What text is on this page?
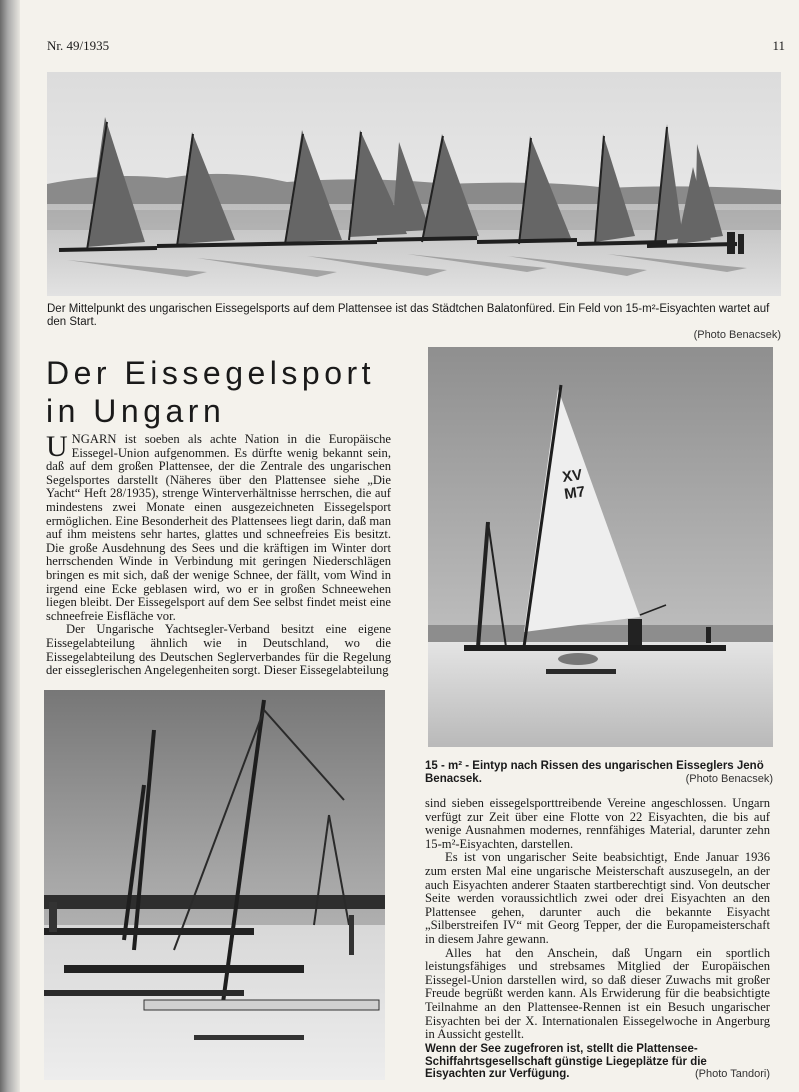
Nr. 49/1935	11
Der Mittelpunkt des ungarischen Eissegelsports auf dem Plattensee ist das Städtchen Balatonfüred. Ein Feld von 15-m²-Eisyachten wartet auf den Start.
(Photo Benacsek)
Der Eissegelsport
in Ungarn

UNGARN ist soeben als achte Nation in die Europäische Eissegel-Union aufgenommen. Es dürfte wenig bekannt sein, daß auf dem großen Plattensee, der die Zentrale des ungarischen Segelsportes darstellt (Näheres über den Plattensee siehe „Die Yacht“ Heft 28/1935), strenge Winterverhältnisse herrschen, die auf mindestens zwei Monate einen ausgezeichneten Eissegelsport ermöglichen. Eine Besonderheit des Plattensees liegt darin, daß man auf ihm meistens sehr hartes, glattes und schneefreies Eis besitzt. Die große Ausdehnung des Sees und die kräftigen im Winter dort herrschenden Winde in Verbindung mit geringen Niederschlägen bringen es mit sich, daß der wenige Schnee, der fällt, vom Wind in irgend eine Ecke geblasen wird, wo er in großen Schneewehen liegen bleibt. Der Eissegelsport auf dem See selbst findet meist eine schneefreie Eisfläche vor.

Der Ungarische Yachtsegler-Verband besitzt eine eigene Eissegelabteilung ähnlich wie in Deutschland, wo die Eissegelabteilung des Deutschen Seglerverbandes für die Regelung der eisseglerischen Angelegenheiten sorgt. Dieser Eissegelabteilung

XV
M7
15 - m² - Eintyp nach Rissen des ungarischen Eisseglers Jenö Benacsek.	(Photo Benacsek)

sind sieben eissegelsporttreibende Vereine angeschlossen. Ungarn verfügt zur Zeit über eine Flotte von 22 Eisyachten, die bis auf wenige Ausnahmen modernes, rennfähiges Material, darunter zehn 15-m²-Eisyachten, darstellen.

Es ist von ungarischer Seite beabsichtigt, Ende Januar 1936 zum ersten Mal eine ungarische Meisterschaft auszusegeln, an der auch Eisyachten anderer Staaten startberechtigt sind. Von deutscher Seite werden voraussichtlich zwei oder drei Eisyachten an den Plattensee gehen, darunter auch die bekannte Eisyacht „Silberstreifen IV“ mit Georg Tepper, der die Europameisterschaft in diesem Jahre gewann.

Alles hat den Anschein, daß Ungarn ein sportlich leistungsfähiges und strebsames Mitglied der Europäischen Eissegel-Union darstellen wird, so daß dieser Zuwachs mit großer Freude begrüßt werden kann. Als Erwiderung für die beabsichtigte Teilnahme an den Plattensee-Rennen ist ein Besuch ungarischer Eisyachten bei der X. Internationalen Eissegelwoche in Angerburg in Aussicht gestellt.

Wenn der See zugefroren ist, stellt die Plattensee-Schiffahrtsgesellschaft günstige Liegeplätze für die Eisyachten zur Verfügung.	(Photo Tandori)
